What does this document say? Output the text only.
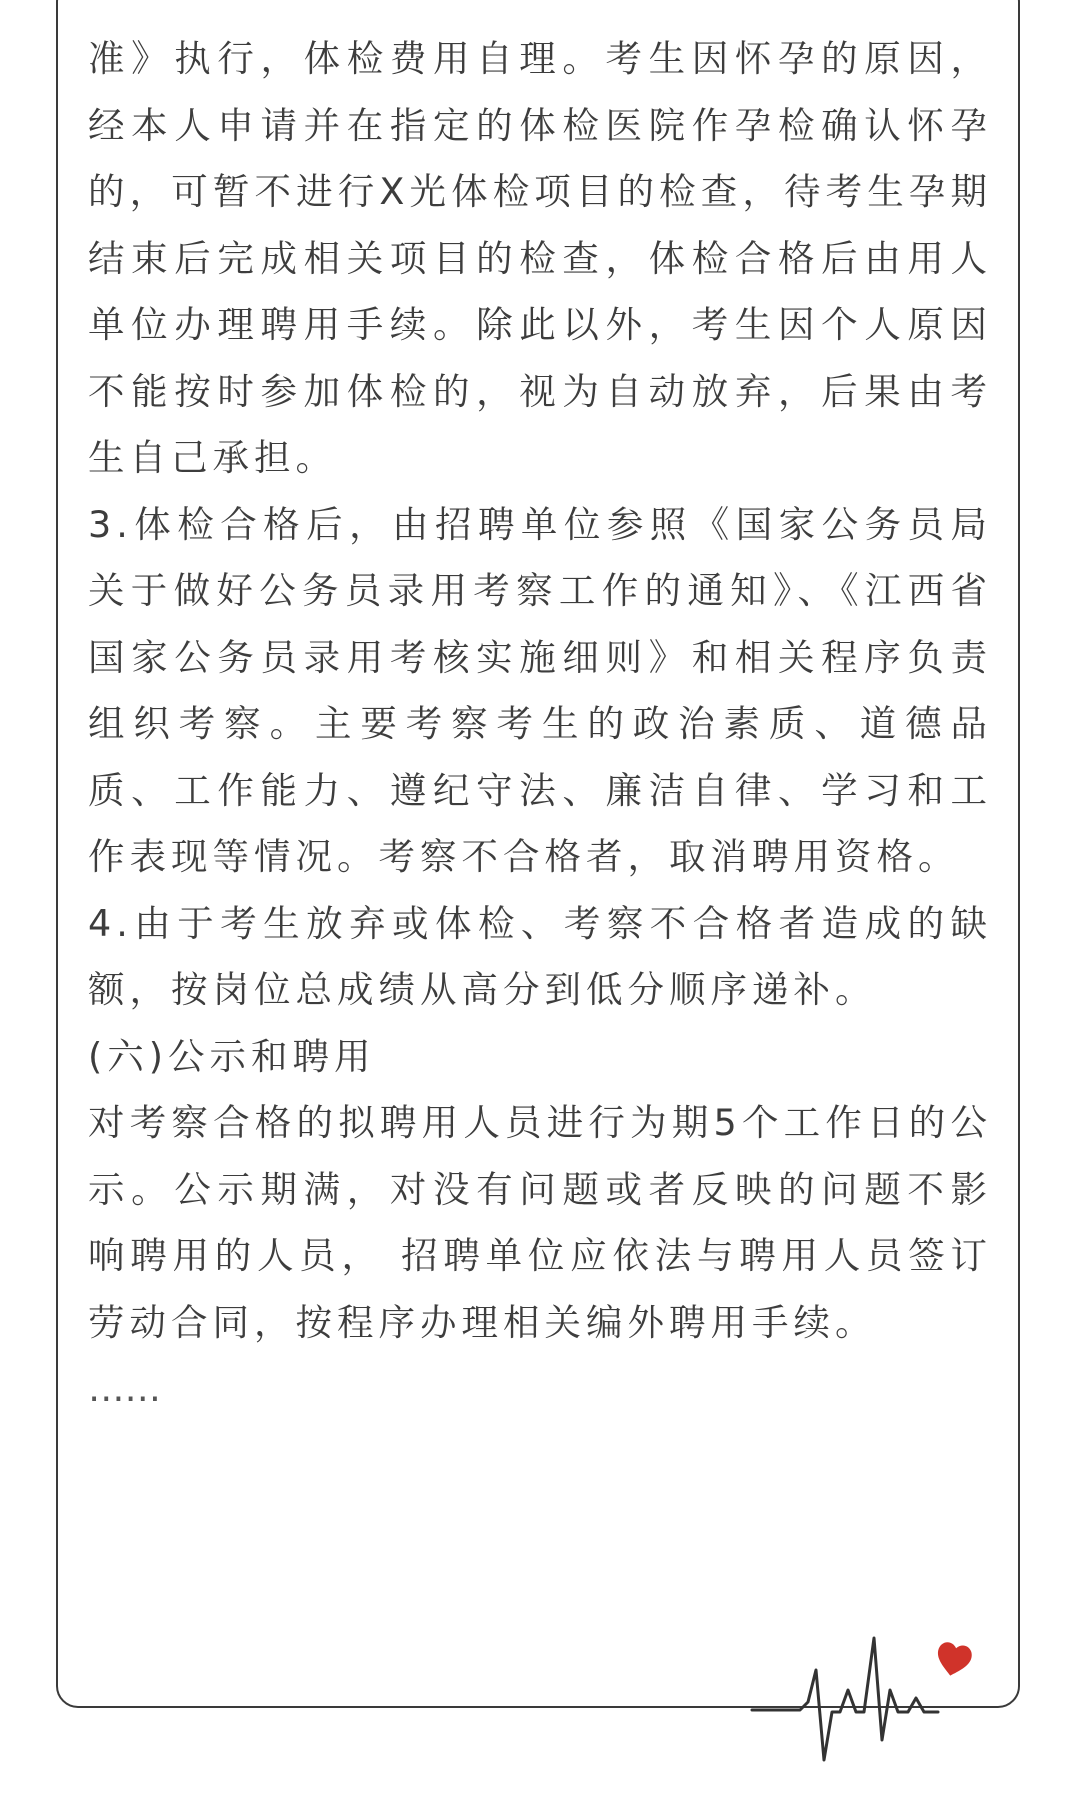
准》执行，体检费用自理。考生因怀孕的原因，经本人申请并在指定的体检医院作孕检确认怀孕的，可暂不进行X光体检项目的检查，待考生孕期结束后完成相关项目的检查，体检合格后由用人单位办理聘用手续。除此以外，考生因个人原因不能按时参加体检的，视为自动放弃，后果由考生自己承担。

3.体检合格后，由招聘单位参照《国家公务员局关于做好公务员录用考察工作的通知》、《江西省国家公务员录用考核实施细则》和相关程序负责组织考察。主要考察考生的政治素质、道德品质、工作能力、遵纪守法、廉洁自律、学习和工作表现等情况。考察不合格者，取消聘用资格。

4.由于考生放弃或体检、考察不合格者造成的缺额，按岗位总成绩从高分到低分顺序递补。

(六)公示和聘用

对考察合格的拟聘用人员进行为期5个工作日的公示。公示期满，对没有问题或者反映的问题不影响聘用的人员， 招聘单位应依法与聘用人员签订劳动合同，按程序办理相关编外聘用手续。

……
